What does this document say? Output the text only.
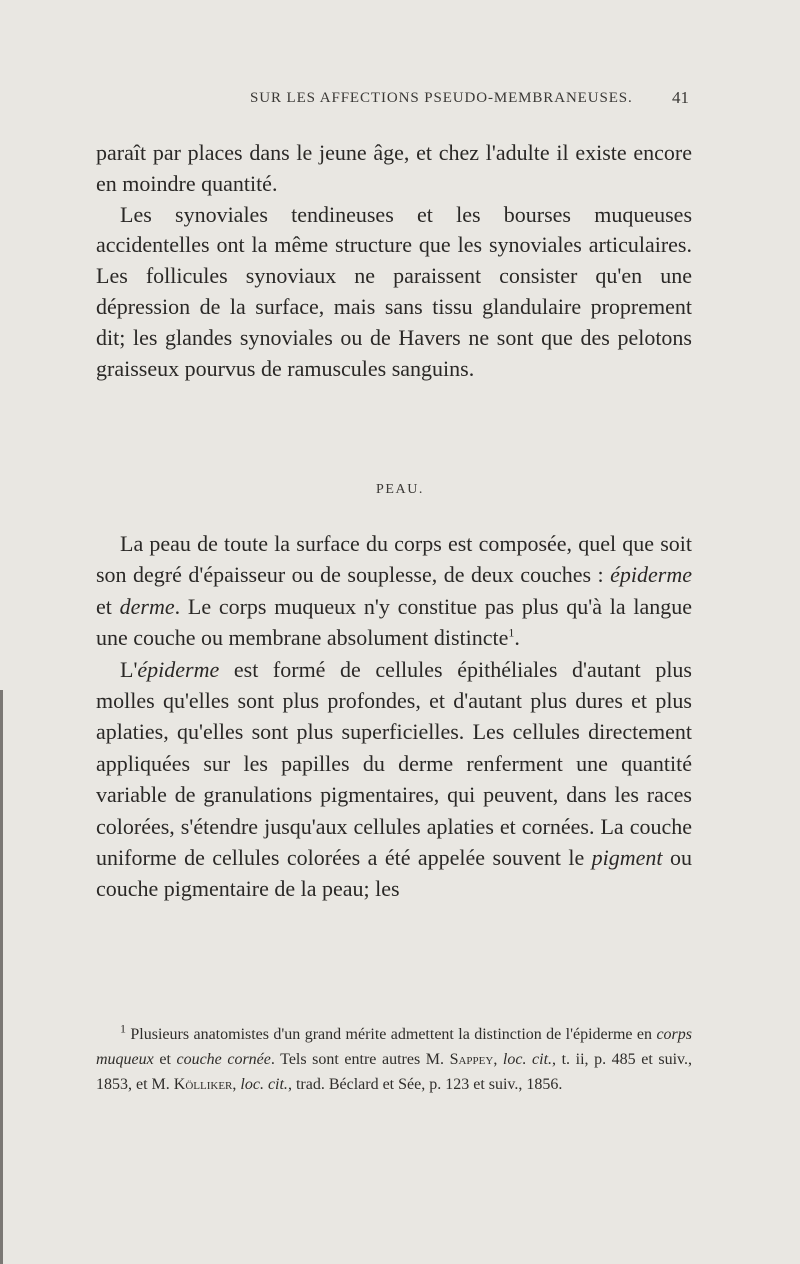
SUR LES AFFECTIONS PSEUDO-MEMBRANEUSES. 41

paraît par places dans le jeune âge, et chez l'adulte il existe encore en moindre quantité.

Les synoviales tendineuses et les bourses muqueuses accidentelles ont la même structure que les synoviales articulaires. Les follicules synoviaux ne paraissent consister qu'en une dépression de la surface, mais sans tissu glandulaire proprement dit; les glandes synoviales ou de Havers ne sont que des pelotons graisseux pourvus de ramuscules sanguins.

PEAU.

La peau de toute la surface du corps est composée, quel que soit son degré d'épaisseur ou de souplesse, de deux couches : épiderme et derme. Le corps muqueux n'y constitue pas plus qu'à la langue une couche ou membrane absolument distincte$^1$.

L'épiderme est formé de cellules épithéliales d'autant plus molles qu'elles sont plus profondes, et d'autant plus dures et plus aplaties, qu'elles sont plus superficielles. Les cellules directement appliquées sur les papilles du derme renferment une quantité variable de granulations pigmentaires, qui peuvent, dans les races colorées, s'étendre jusqu'aux cellules aplaties et cornées. La couche uniforme de cellules colorées a été appelée souvent le pigment ou couche pigmentaire de la peau; les

$^1$ Plusieurs anatomistes d'un grand mérite admettent la distinction de l'épiderme en corps muqueux et couche cornée. Tels sont entre autres M. Sappey, loc. cit., t. ii, p. 485 et suiv., 1853, et M. Kölliker, loc. cit., trad. Béclard et Sée, p. 123 et suiv., 1856.
